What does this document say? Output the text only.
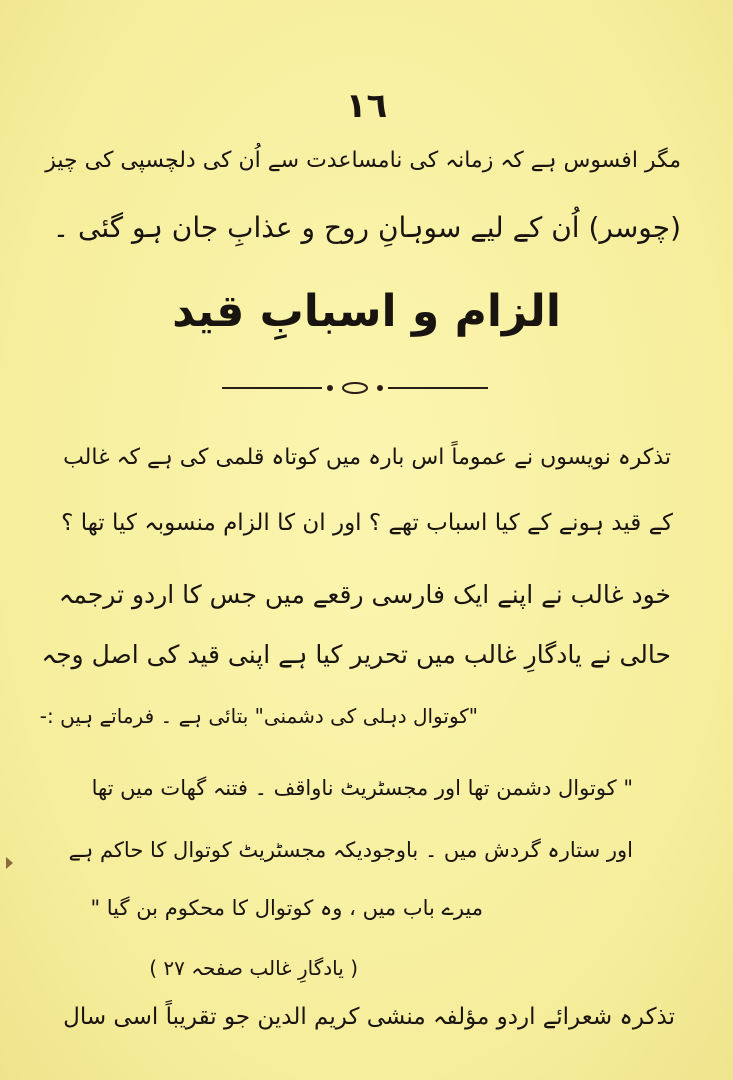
١٦
مگر افسوس ہے کہ زمانہ کی نامساعدت سے اُن کی دلچسپی کی چیز
(چوسر) اُن کے لیے سوہانِ روح و عذابِ جان ہو گئی ۔
الزام و اسبابِ قید
تذکرہ نویسوں نے عموماً اس بارہ میں کوتاہ قلمی کی ہے کہ غالب
کے قید ہونے کے کیا اسباب تھے ؟ اور ان کا الزام منسوبہ کیا تھا ؟
خود غالب نے اپنے ایک فارسی رقعے میں جس کا اردو ترجمہ
حالی نے یادگارِ غالب میں تحریر کیا ہے اپنی قید کی اصل وجہ
"کوتوال دہلی کی دشمنی" بتائی ہے ۔ فرماتے ہیں :-
" کوتوال دشمن تھا اور مجسٹریٹ ناواقف ۔ فتنہ گھات میں تھا
اور ستارہ گردش میں ۔ باوجودیکہ مجسٹریٹ کوتوال کا حاکم ہے
میرے باب میں ، وہ کوتوال کا محکوم بن گیا "
( یادگارِ غالب صفحہ ٢٧ )
تذکرہ شعرائے اردو مؤلفہ منشی کریم الدین جو تقریباً اسی سال
